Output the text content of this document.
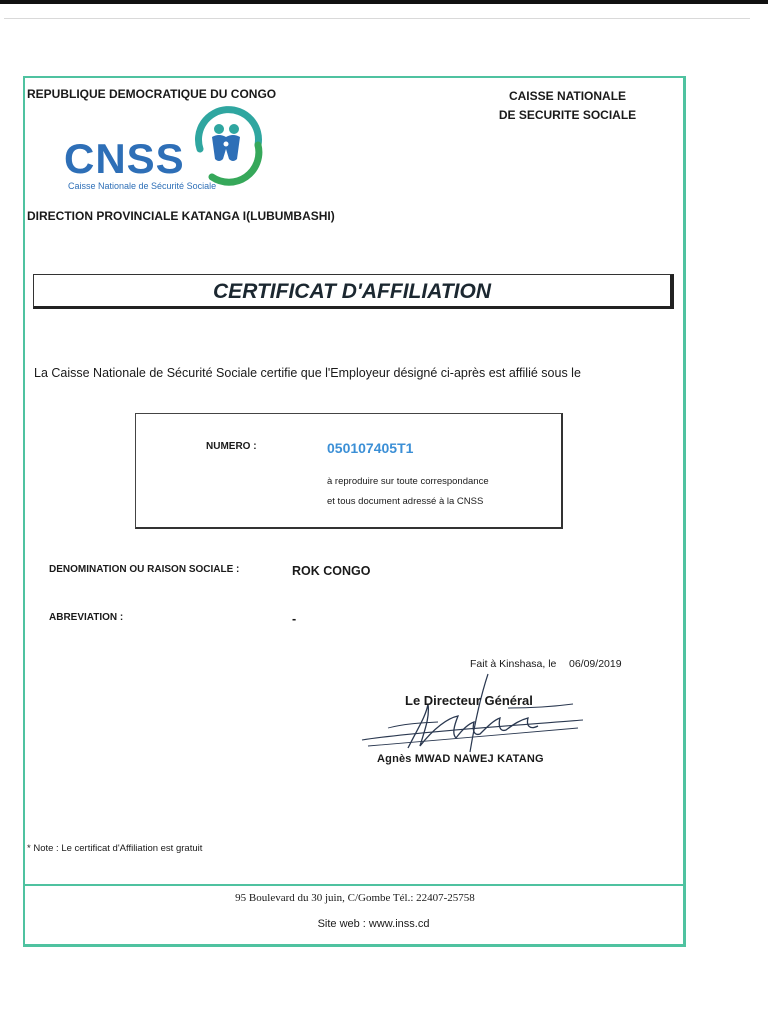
REPUBLIQUE DEMOCRATIQUE DU CONGO	CAISSE NATIONALE
DE SECURITE SOCIALE
CNSS
Caisse Nationale de Sécurité Sociale
DIRECTION PROVINCIALE KATANGA I(LUBUMBASHI)
CERTIFICAT D'AFFILIATION
La Caisse Nationale de Sécurité Sociale certifie que l'Employeur désigné ci-après est affilié sous le
NUMERO :	050107405T1
à reproduire sur toute correspondance
et tous document adressé à la CNSS
DENOMINATION OU RAISON SOCIALE :	ROK CONGO
ABREVIATION :	-
Fait à Kinshasa, le 06/09/2019
Le Directeur Général
Agnès MWAD NAWEJ KATANG
* Note : Le certificat d'Affiliation est gratuit
95 Boulevard du 30 juin, C/Gombe Tél.: 22407-25758
Site web : www.inss.cd
